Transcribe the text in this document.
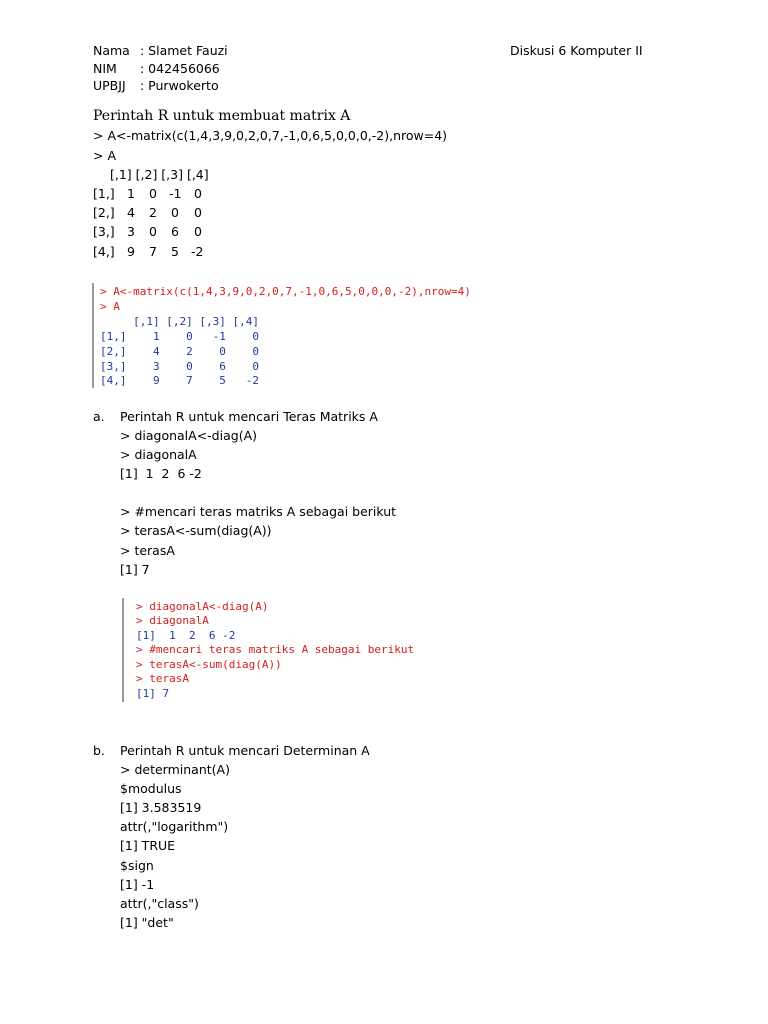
Nama : Slamet Fauzi
NIM : 042456066
UPBJJ : Purwokerto
Diskusi 6 Komputer II
Perintah R untuk membuat matrix A
> A<-matrix(c(1,4,3,9,0,2,0,7,-1,0,6,5,0,0,0,-2),nrow=4)
> A
[,1] [,2] [,3] [,4]
[1,] 1 0 -1 0
[2,] 4 2 0 0
[3,] 3 0 6 0
[4,] 9 7 5 -2
> A<-matrix(c(1,4,3,9,0,2,0,7,-1,0,6,5,0,0,0,-2),nrow=4)
> A
[,1] [,2] [,3] [,4]
[1,]    1    0   -1    0
[2,]    4    2    0    0
[3,]    3    0    6    0
[4,]    9    7    5   -2
a. Perintah R untuk mencari Teras Matriks A
> diagonalA<-diag(A)
> diagonalA
[1]  1  2  6 -2
> #mencari teras matriks A sebagai berikut
> terasA<-sum(diag(A))
> terasA
[1] 7
> diagonalA<-diag(A)
> diagonalA
[1]  1  2  6 -2
> #mencari teras matriks A sebagai berikut
> terasA<-sum(diag(A))
> terasA
[1] 7
b. Perintah R untuk mencari Determinan A
> determinant(A)
$modulus
[1] 3.583519
attr(,"logarithm")
[1] TRUE
$sign
[1] -1
attr(,"class")
[1] "det"
